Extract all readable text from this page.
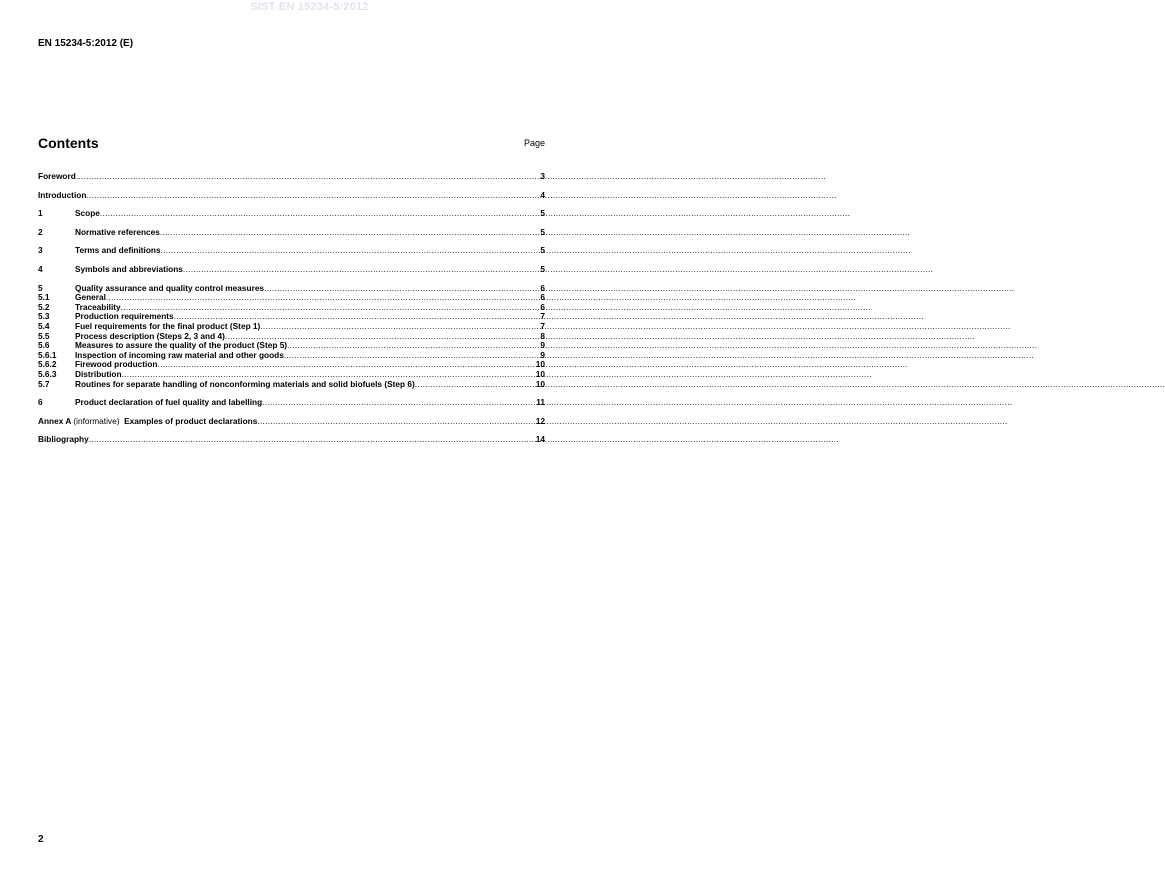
SIST EN 15234-5:2012
EN 15234-5:2012 (E)
Contents	Page
Foreword .....	3
Introduction .....	4
1	Scope .....	5
2	Normative references .....	5
3	Terms and definitions .....	5
4	Symbols and abbreviations .....	5
5	Quality assurance and quality control measures .....	6
5.1	General .....	6
5.2	Traceability .....	6
5.3	Production requirements .....	7
5.4	Fuel requirements for the final product (Step 1) .....	7
5.5	Process description (Steps 2, 3 and 4) .....	8
5.6	Measures to assure the quality of the product (Step 5) .....	9
5.6.1	Inspection of incoming raw material and other goods .....	9
5.6.2	Firewood production .....	10
5.6.3	Distribution .....	10
5.7	Routines for separate handling of nonconforming materials and solid biofuels (Step 6) .....	10
6	Product declaration of fuel quality and labelling .....	11
Annex A (informative) Examples of product declarations .....	12
Bibliography .....	14
2
